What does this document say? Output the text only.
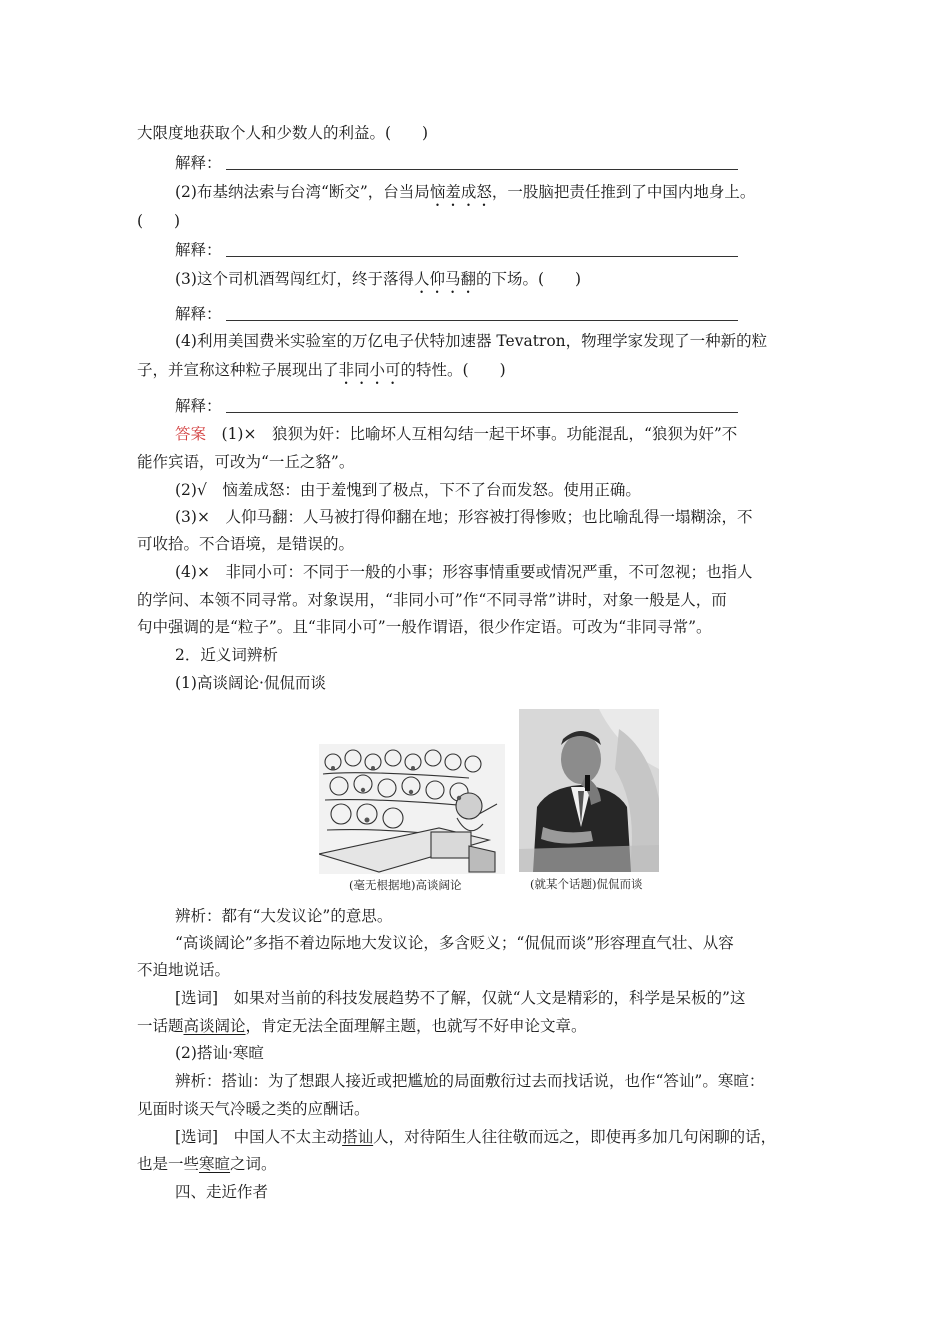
大限度地获取个人和少数人的利益。(　　)
解释：
(2)布基纳法索与台湾“断交”，台当局恼羞成怒，一股脑把责任推到了中国内地身上。
(　　)
解释：
(3)这个司机酒驾闯红灯，终于落得人仰马翻的下场。(　　)
解释：
(4)利用美国费米实验室的万亿电子伏特加速器 Tevatron，物理学家发现了一种新的粒
子，并宣称这种粒子展现出了非同小可的特性。(　　)
解释：
答案　(1)×　狼狈为奸：比喻坏人互相勾结一起干坏事。功能混乱，“狼狈为奸”不
能作宾语，可改为“一丘之貉”。
(2)√　恼羞成怒：由于羞愧到了极点，下不了台而发怒。使用正确。
(3)×　人仰马翻：人马被打得仰翻在地；形容被打得惨败；也比喻乱得一塌糊涂，不
可收拾。不合语境，是错误的。
(4)×　非同小可：不同于一般的小事；形容事情重要或情况严重，不可忽视；也指人
的学问、本领不同寻常。对象误用，“非同小可”作“不同寻常”讲时，对象一般是人，而
句中强调的是“粒子”。且“非同小可”一般作谓语，很少作定语。可改为“非同寻常”。
2．近义词辨析
(1)高谈阔论·侃侃而谈
(毫无根据地)高谈阔论	(就某个话题)侃侃而谈
辨析：都有“大发议论”的意思。
“高谈阔论”多指不着边际地大发议论，多含贬义；“侃侃而谈”形容理直气壮、从容
不迫地说话。
[选词]　如果对当前的科技发展趋势不了解，仅就“人文是精彩的，科学是呆板的”这
一话题高谈阔论，肯定无法全面理解主题，也就写不好申论文章。
(2)搭讪·寒暄
辨析：搭讪：为了想跟人接近或把尴尬的局面敷衍过去而找话说，也作“答讪”。寒暄：
见面时谈天气冷暖之类的应酬话。
[选词]　中国人不太主动搭讪人，对待陌生人往往敬而远之，即使再多加几句闲聊的话，
也是一些寒暄之词。
四、走近作者
